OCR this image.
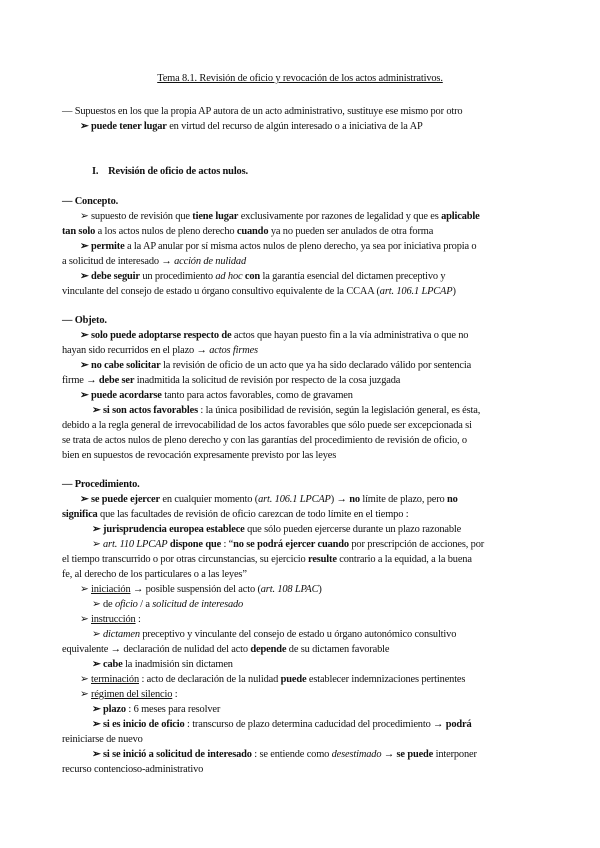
Tema 8.1. Revisión de oficio y revocación de los actos administrativos.
— Supuestos en los que la propia AP autora de un acto administrativo, sustituye ese mismo por otro
➢ puede tener lugar en virtud del recurso de algún interesado o a iniciativa de la AP
I. Revisión de oficio de actos nulos.
— Concepto.
➢ supuesto de revisión que tiene lugar exclusivamente por razones de legalidad y que es aplicable
tan solo a los actos nulos de pleno derecho cuando ya no pueden ser anulados de otra forma
➢ permite a la AP anular por sí misma actos nulos de pleno derecho, ya sea por iniciativa propia o
a solicitud de interesado → acción de nulidad
➢ debe seguir un procedimiento ad hoc con la garantía esencial del dictamen preceptivo y
vinculante del consejo de estado u órgano consultivo equivalente de la CCAA (art. 106.1 LPCAP)
— Objeto.
➢ solo puede adoptarse respecto de actos que hayan puesto fin a la vía administrativa o que no
hayan sido recurridos en el plazo → actos firmes
➢ no cabe solicitar la revisión de oficio de un acto que ya ha sido declarado válido por sentencia
firme → debe ser inadmitida la solicitud de revisión por respecto de la cosa juzgada
➢ puede acordarse tanto para actos favorables, como de gravamen
➢ si son actos favorables : la única posibilidad de revisión, según la legislación general, es ésta,
debido a la regla general de irrevocabilidad de los actos favorables que sólo puede ser excepcionada si
se trata de actos nulos de pleno derecho y con las garantías del procedimiento de revisión de oficio, o
bien en supuestos de revocación expresamente previsto por las leyes
— Procedimiento.
➢ se puede ejercer en cualquier momento (art. 106.1 LPCAP) → no límite de plazo, pero no
significa que las facultades de revisión de oficio carezcan de todo límite en el tiempo :
➢ jurisprudencia europea establece que sólo pueden ejercerse durante un plazo razonable
➢ art. 110 LPCAP dispone que : “no se podrá ejercer cuando por prescripción de acciones, por
el tiempo transcurrido o por otras circunstancias, su ejercicio resulte contrario a la equidad, a la buena
fe, al derecho de los particulares o a las leyes”
➢ iniciación → posible suspensión del acto (art. 108 LPAC)
➢ de oficio / a solicitud de interesado
➢ instrucción :
➢ dictamen preceptivo y vinculante del consejo de estado u órgano autonómico consultivo
equivalente → declaración de nulidad del acto depende de su dictamen favorable
➢ cabe la inadmisión sin dictamen
➢ terminación : acto de declaración de la nulidad puede establecer indemnizaciones pertinentes
➢ régimen del silencio :
➢ plazo : 6 meses para resolver
➢ si es inicio de oficio : transcurso de plazo determina caducidad del procedimiento → podrá
reiniciarse de nuevo
➢ si se inició a solicitud de interesado : se entiende como desestimado → se puede interponer
recurso contencioso-administrativo
